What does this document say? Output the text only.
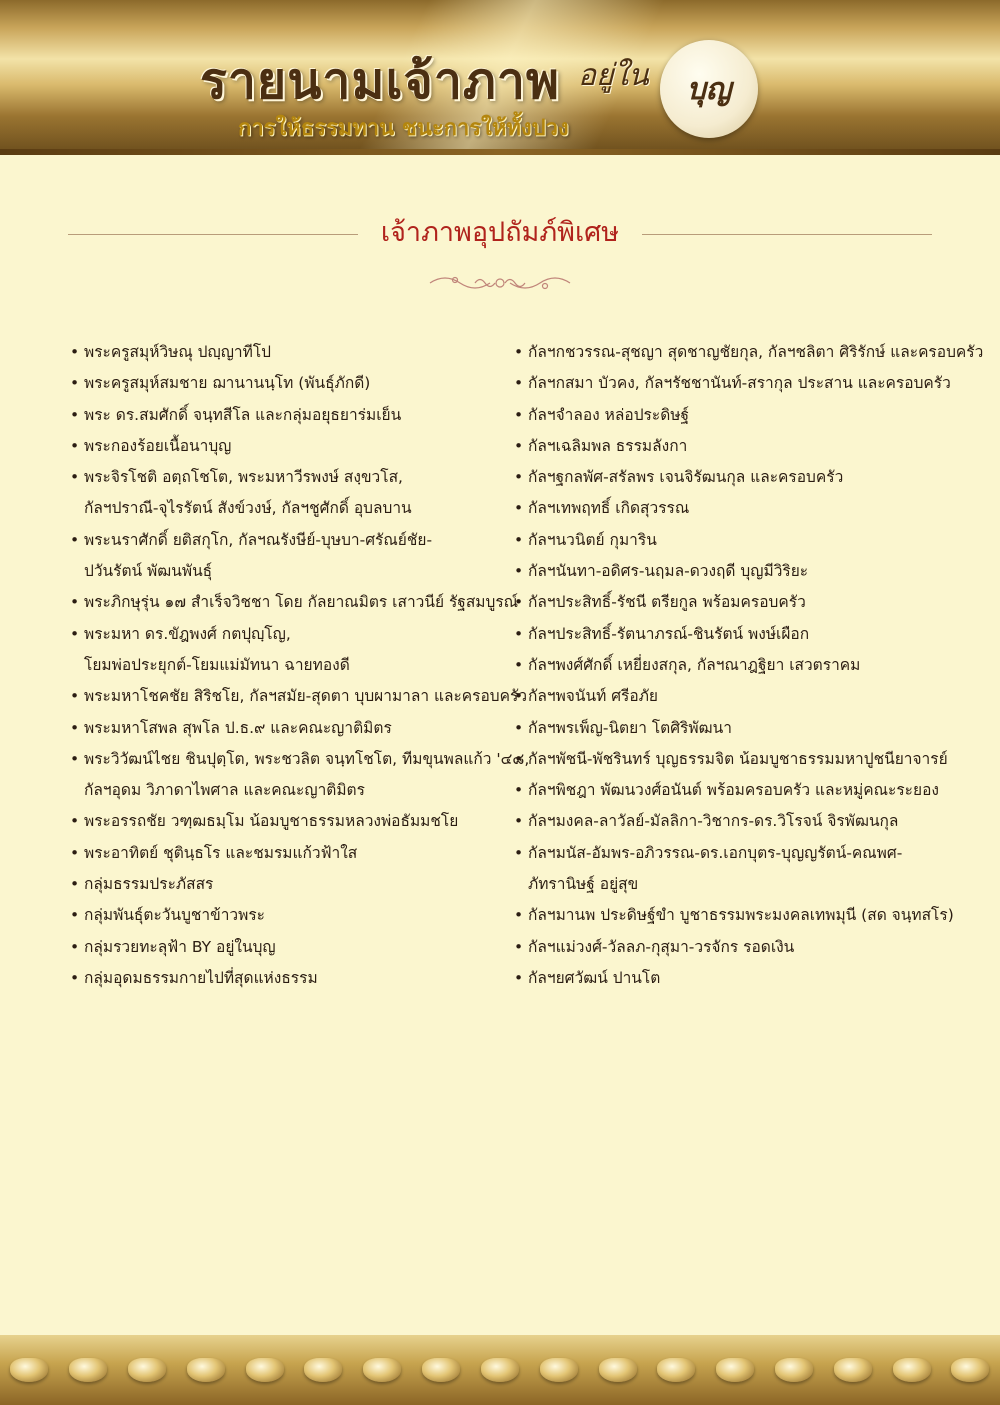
รายนามเจ้าภาพ อยู่ใน บุญ
การให้ธรรมทาน ชนะการให้ทั้งปวง
เจ้าภาพอุปถัมภ์พิเศษ
• พระครูสมุห์วิษณุ ปญฺญาทีโป
• พระครูสมุห์สมชาย ฌานานนฺโท (พันธุ์ภักดี)
• พระ ดร.สมศักดิ์ จนฺทสีโล และกลุ่มอยุธยาร่มเย็น
• พระกองร้อยเนื้อนาบุญ
• พระจิรโชติ อตฺถโชโต, พระมหาวีรพงษ์ สงฺขวโส,
กัลฯปราณี-จุไรรัตน์ สังข์วงษ์, กัลฯชูศักดิ์ อุบลบาน
• พระนราศักดิ์ ยติสกุโก, กัลฯณรังษีย์-บุษบา-ศรัณย์ชัย-
ปวันรัตน์ พัฒนพันธุ์
• พระภิกษุรุ่น ๑๗ สำเร็จวิชชา โดย กัลยาณมิตร เสาวนีย์ รัฐสมบูรณ์
• พระมหา ดร.ขัฎพงศ์ กตปุญฺโญ,
โยมพ่อประยุกต์-โยมแม่มัทนา ฉายทองดี
• พระมหาโชคชัย สิริชโย, กัลฯสมัย-สุดตา บุบผามาลา และครอบครัว
• พระมหาโสพล สุพโล ป.ธ.๙ และคณะญาติมิตร
• พระวิวัฒน์ไชย ชินปุตฺโต, พระชวลิต จนฺทโชโต, ทีมขุนพลแก้ว '๔๘,
กัลฯอุดม วิภาดาไพศาล และคณะญาติมิตร
• พระอรรถชัย วฑฺฒธมฺโม น้อมบูชาธรรมหลวงพ่อธัมมชโย
• พระอาทิตย์ ชุตินฺธโร และชมรมแก้วฟ้าใส
• กลุ่มธรรมประภัสสร
• กลุ่มพันธุ์ตะวันบูชาข้าวพระ
• กลุ่มรวยทะลุฟ้า BY อยู่ในบุญ
• กลุ่มอุดมธรรมกายไปที่สุดแห่งธรรม
• กัลฯกชวรรณ-สุชญา สุดชาญชัยกุล, กัลฯชลิตา ศิริรักษ์ และครอบครัว
• กัลฯกสมา บัวคง, กัลฯรัชชานันท์-สรากุล ประสาน และครอบครัว
• กัลฯจำลอง หล่อประดิษฐ์
• กัลฯเฉลิมพล ธรรมลังกา
• กัลฯฐกลพัศ-สรัลพร เจนจิรัฒนกุล และครอบครัว
• กัลฯเทพฤทธิ์ เกิดสุวรรณ
• กัลฯนวนิตย์ กุมาริน
• กัลฯนันทา-อดิศร-นฤมล-ดวงฤดี บุญมีวิริยะ
• กัลฯประสิทธิ์-รัชนี ตรียกูล พร้อมครอบครัว
• กัลฯประสิทธิ์-รัตนาภรณ์-ชินรัตน์ พงษ์เผือก
• กัลฯพงศ์ศักดิ์ เหยี่ยงสกุล, กัลฯณาฎฐิยา เสวตราคม
• กัลฯพจนันท์ ศรีอภัย
• กัลฯพรเพ็ญ-นิตยา โตศิริพัฒนา
• กัลฯพัชนี-พัชรินทร์ บุญธรรมจิต น้อมบูชาธรรมมหาปูชนียาจารย์
• กัลฯพิชฎา พัฒนวงศ์อนันต์ พร้อมครอบครัว และหมู่คณะระยอง
• กัลฯมงคล-ลาวัลย์-มัลลิกา-วิชากร-ดร.วิโรจน์ จิรพัฒนกุล
• กัลฯมนัส-อัมพร-อภิวรรณ-ดร.เอกบุตร-บุญญรัตน์-คณพศ-
ภัทรานิษฐ์ อยู่สุข
• กัลฯมานพ ประดิษฐ์ขำ บูชาธรรมพระมงคลเทพมุนี (สด จนฺทสโร)
• กัลฯแม่วงศ์-วัลลภ-กุสุมา-วรจักร รอดเงิน
• กัลฯยศวัฒน์ ปานโต
